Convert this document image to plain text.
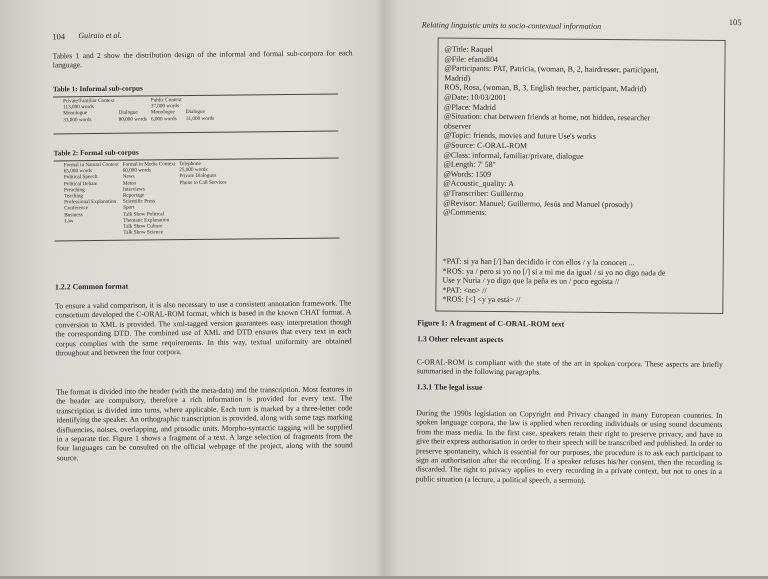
104 Guiraio et al.

Tables 1 and 2 show the distribution design of the informal and formal sub-corpora for each language.

Table 1: Informal sub-corpus
Private/Familiar Context		Public Context	
113,000 words		37,000 words	
Monologue	Dialogue	Monologue	Dialogue
33,000 words	80,000 words	6,000 words	31,000 words
Table 2: Formal sub-corpus
Formal in Natural Context	Formal in Media Context	Telephone
65,000 words	60,000 words	25,000 words
Political Speech	News	Private Dialogues
Political Debate	Meteo	Phone to Call Services
Preaching	Interviews	
Teaching	Reportage	
Professional Explanation	Scientific Press	
Conference	Sport	
Business	Talk Show Political	
Law	Thematic Explanation	
	Talk Show Culture	
	Talk Show Science	
1.2.2 Common format

To ensure a valid comparison, it is also necessary to use a consistent annotation framework. The consortium developed the C-ORAL-ROM format, which is based in the known CHAT format. A conversion to XML is provided. The xml-tagged version guarantees easy interpretation though the corresponding DTD. The combined use of XML and DTD ensures that every text in each corpus complies with the same requirements. In this way, textual uniformity are obtained throughout and between the four corpora.

The format is divided into the header (with the meta-data) and the transcription. Most features in the header are compulsory, therefore a rich information is provided for every text. The transcription is divided into turns, where applicable. Each turn is marked by a three-letter code identifying the speaker. An orthographic transcription is provided, along with some tags marking disfluencies, noises, overlapping, and prosodic units. Morpho-syntactic tagging will be supplied in a separate tier. Figure 1 shows a fragment of a text. A large selection of fragments from the four languages can be consulted on the official webpage of the project, along with the sound source.

Relating linguistic units to socio-contextual information	105
@Title: Raquel
@File: efamdl04
@Participants: PAT, Patricia, (woman, B, 2, hairdresser, participant,
Madrid)
ROS, Rosa, (woman, B, 3, English teacher, participant, Madrid)
@Date: 10/03/2001
@Place: Madrid
@Situation: chat between friends at home, not hidden, researcher
observer
@Topic: friends, movies and future Use's works
@Source: C-ORAL-ROM
@Class: informal, familiar/private, dialogue
@Length: 7' 58"
@Words: 1509
@Acoustic_quality: A
@Transcriber: Guillermo
@Revisor: Manuel; Guillermo, Jesús and Manuel (prosody)
@Comments:
*PAT: si ya han [/] han decidido ir con ellos / y la conocen ...
*ROS: ya / pero si yo no [/] si a mi me da igual / si yo no digo nada de
Use y Nuria / yo digo que la peña es un / poco egoísta //
*PAT: <no> //
*ROS: [<] <y ya está> //
Figure 1: A fragment of C-ORAL-ROM text
1.3 Other relevant aspects

C-ORAL-ROM is compliant with the state of the art in spoken corpora. These aspects are briefly summarised in the following paragraphs.

1.3.1 The legal issue

During the 1990s legislation on Copyright and Privacy changed in many European countries. In spoken language corpora, the law is applied when recording individuals or using sound documents from the mass media. In the first case, speakers retain their right to preserve privacy, and have to give their express authorisation in order to their speech will be transcribed and published. In order to preserve spontaneity, which is essential for our purposes, the procedure is to ask each participant to sign an authorisation after the recording. If a speaker refuses his/her consent, then the recording is discarded. The right to privacy applies to every recording in a private context, but not to ones in a public situation (a lecture, a political speech, a sermon).
